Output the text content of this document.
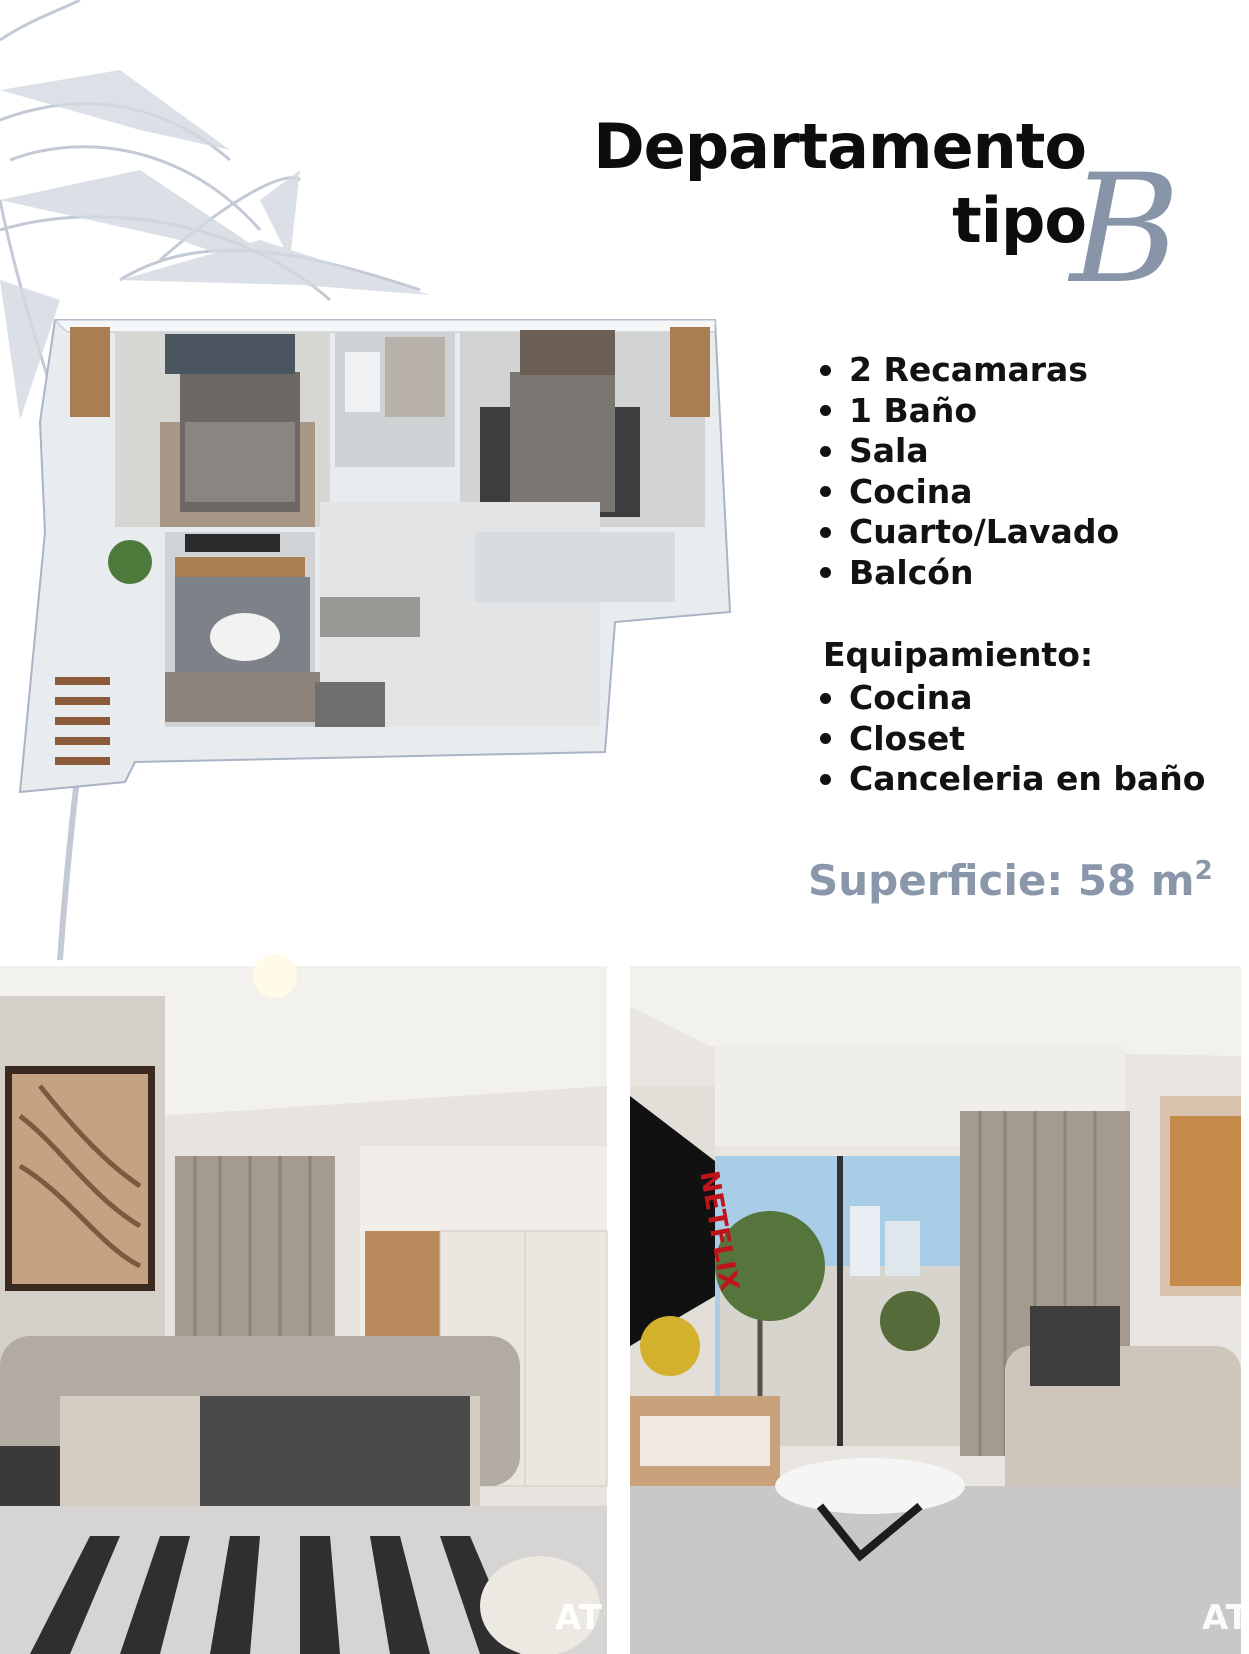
Departamento
tipo
B
2 Recamaras
1 Baño
Sala
Cocina
Cuarto/Lavado
Balcón
Equipamiento:
Cocina
Closet
Canceleria en baño
Superficie: 58 $m^2$
AT
NETFLIX
AT
